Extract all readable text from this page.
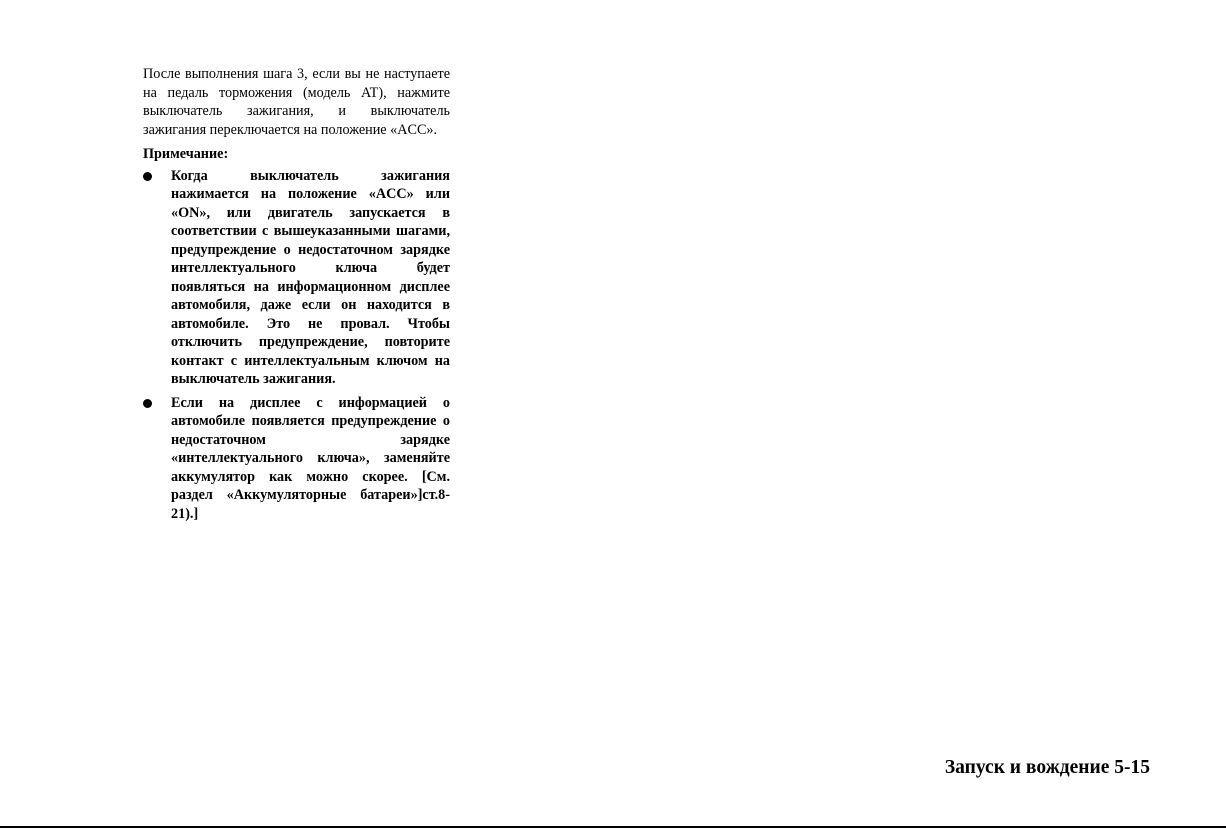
После выполнения шага 3, если вы не наступаете на педаль торможения (модель AT), нажмите выключатель зажигания, и выключатель зажигания переключается на положение «ACC».

Примечание:

Когда выключатель зажигания нажимается на положение «ACC» или «ON», или двигатель запускается в соответствии с вышеуказанными шагами, предупреждение о недостаточном зарядке интеллектуального ключа будет появляться на информационном дисплее автомобиля, даже если он находится в автомобиле. Это не провал. Чтобы отключить предупреждение, повторите контакт с интеллектуальным ключом на выключатель зажигания.
Если на дисплее с информацией о автомобиле появляется предупреждение о недостаточном зарядке «интеллектуального ключа», заменяйте аккумулятор как можно скорее. [См. раздел «Аккумуляторные батареи»]ст.8-21).]
Запуск и вождение 5-15
